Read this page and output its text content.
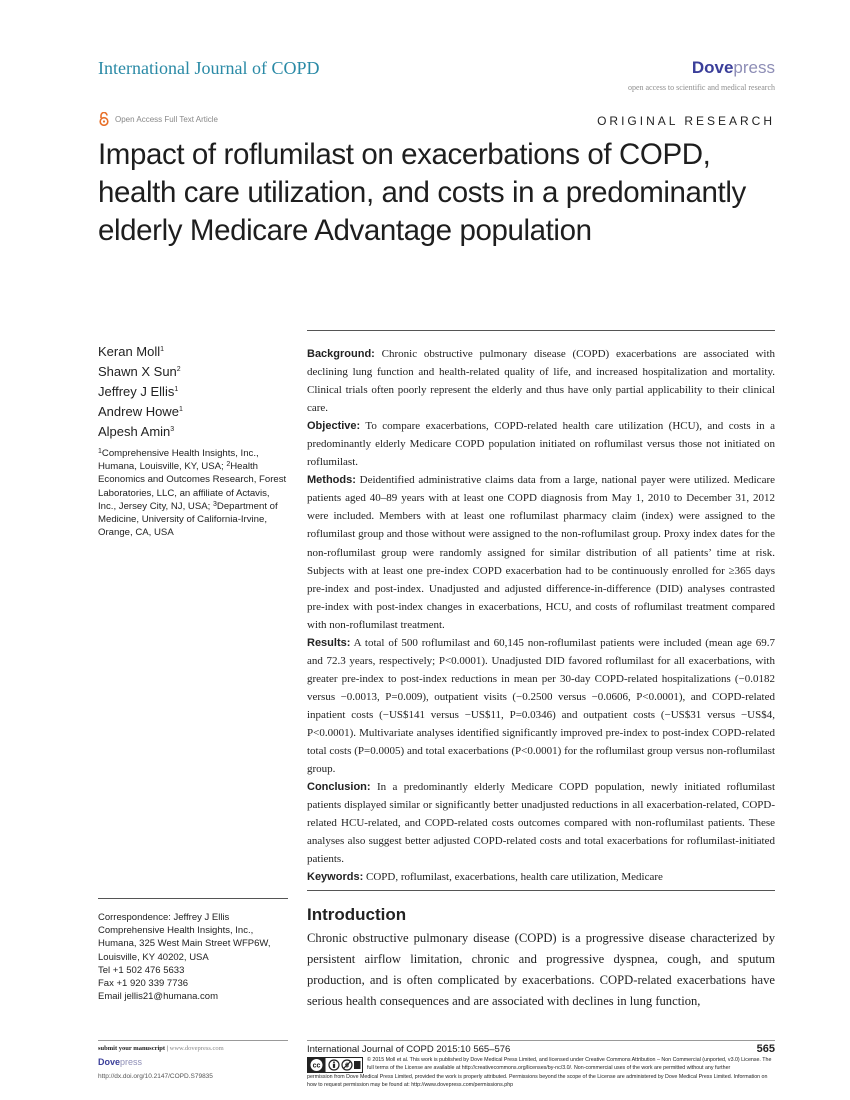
International Journal of COPD	Dovepress
open access to scientific and medical research
Open Access Full Text Article	ORIGINAL RESEARCH
Impact of roflumilast on exacerbations of COPD, health care utilization, and costs in a predominantly elderly Medicare Advantage population
Keran Moll$^1$
Shawn X Sun$^2$
Jeffrey J Ellis$^1$
Andrew Howe$^1$
Alpesh Amin$^3$
$^1$Comprehensive Health Insights, Inc., Humana, Louisville, KY, USA; $^2$Health Economics and Outcomes Research, Forest Laboratories, LLC, an affiliate of Actavis, Inc., Jersey City, NJ, USA; $^3$Department of Medicine, University of California-Irvine, Orange, CA, USA

Background: Chronic obstructive pulmonary disease (COPD) exacerbations are associated with declining lung function and health-related quality of life, and increased hospitalization and mortality. Clinical trials often poorly represent the elderly and thus have only partial applicability to their clinical care.

Objective: To compare exacerbations, COPD-related health care utilization (HCU), and costs in a predominantly elderly Medicare COPD population initiated on roflumilast versus those not initiated on roflumilast.

Methods: Deidentified administrative claims data from a large, national payer were utilized. Medicare patients aged 40–89 years with at least one COPD diagnosis from May 1, 2010 to December 31, 2012 were included. Members with at least one roflumilast pharmacy claim (index) were assigned to the roflumilast group and those without were assigned to the non-roflumilast group. Proxy index dates for the non-roflumilast group were randomly assigned for similar distribution of all patients’ time at risk. Subjects with at least one pre-index COPD exacerbation had to be continuously enrolled for ≥365 days pre-index and post-index. Unadjusted and adjusted difference-in-difference (DID) analyses contrasted pre-index with post-index changes in exacerbations, HCU, and costs of roflumilast treatment compared with non-roflumilast treatment.

Results: A total of 500 roflumilast and 60,145 non-roflumilast patients were included (mean age 69.7 and 72.3 years, respectively; P<0.0001). Unadjusted DID favored roflumilast for all exacerbations, with greater pre-index to post-index reductions in mean per 30-day COPD-related hospitalizations (−0.0182 versus −0.0013, P=0.009), outpatient visits (−0.2500 versus −0.0606, P<0.0001), and COPD-related inpatient costs (−US$141 versus −US$11, P=0.0346) and outpatient costs (−US$31 versus −US$4, P<0.0001). Multivariate analyses identified significantly improved pre-index to post-index COPD-related total costs (P=0.0005) and total exacerbations (P<0.0001) for the roflumilast group versus non-roflumilast group.

Conclusion: In a predominantly elderly Medicare COPD population, newly initiated roflumilast patients displayed similar or significantly better unadjusted reductions in all exacerbation-related, COPD-related HCU-related, and COPD-related costs outcomes compared with non-roflumilast patients. These analyses also suggest better adjusted COPD-related costs and total exacerbations for roflumilast-initiated patients.

Keywords: COPD, roflumilast, exacerbations, health care utilization, Medicare

Correspondence: Jeffrey J Ellis
Comprehensive Health Insights, Inc.,
Humana, 325 West Main Street WFP6W,
Louisville, KY 40202, USA
Tel +1 502 476 5633
Fax +1 920 339 7736
Email jellis21@humana.com
Introduction

Chronic obstructive pulmonary disease (COPD) is a progressive disease characterized by persistent airflow limitation, chronic and progressive dyspnea, cough, and sputum production, and is often complicated by exacerbations. COPD-related exacerbations have serious health consequences and are associated with declines in lung function,

submit your manuscript | www.dovepress.com
Dovepress
http://dx.doi.org/10.2147/COPD.S79835
International Journal of COPD 2015:10 565–576	565
cc
© 2015 Moll et al. This work is published by Dove Medical Press Limited, and licensed under Creative Commons Attribution – Non Commercial (unported, v3.0) License. The full terms of the License are available at http://creativecommons.org/licenses/by-nc/3.0/. Non-commercial uses of the work are permitted without any further
permission from Dove Medical Press Limited, provided the work is properly attributed. Permissions beyond the scope of the License are administered by Dove Medical Press Limited. Information on how to request permission may be found at: http://www.dovepress.com/permissions.php
